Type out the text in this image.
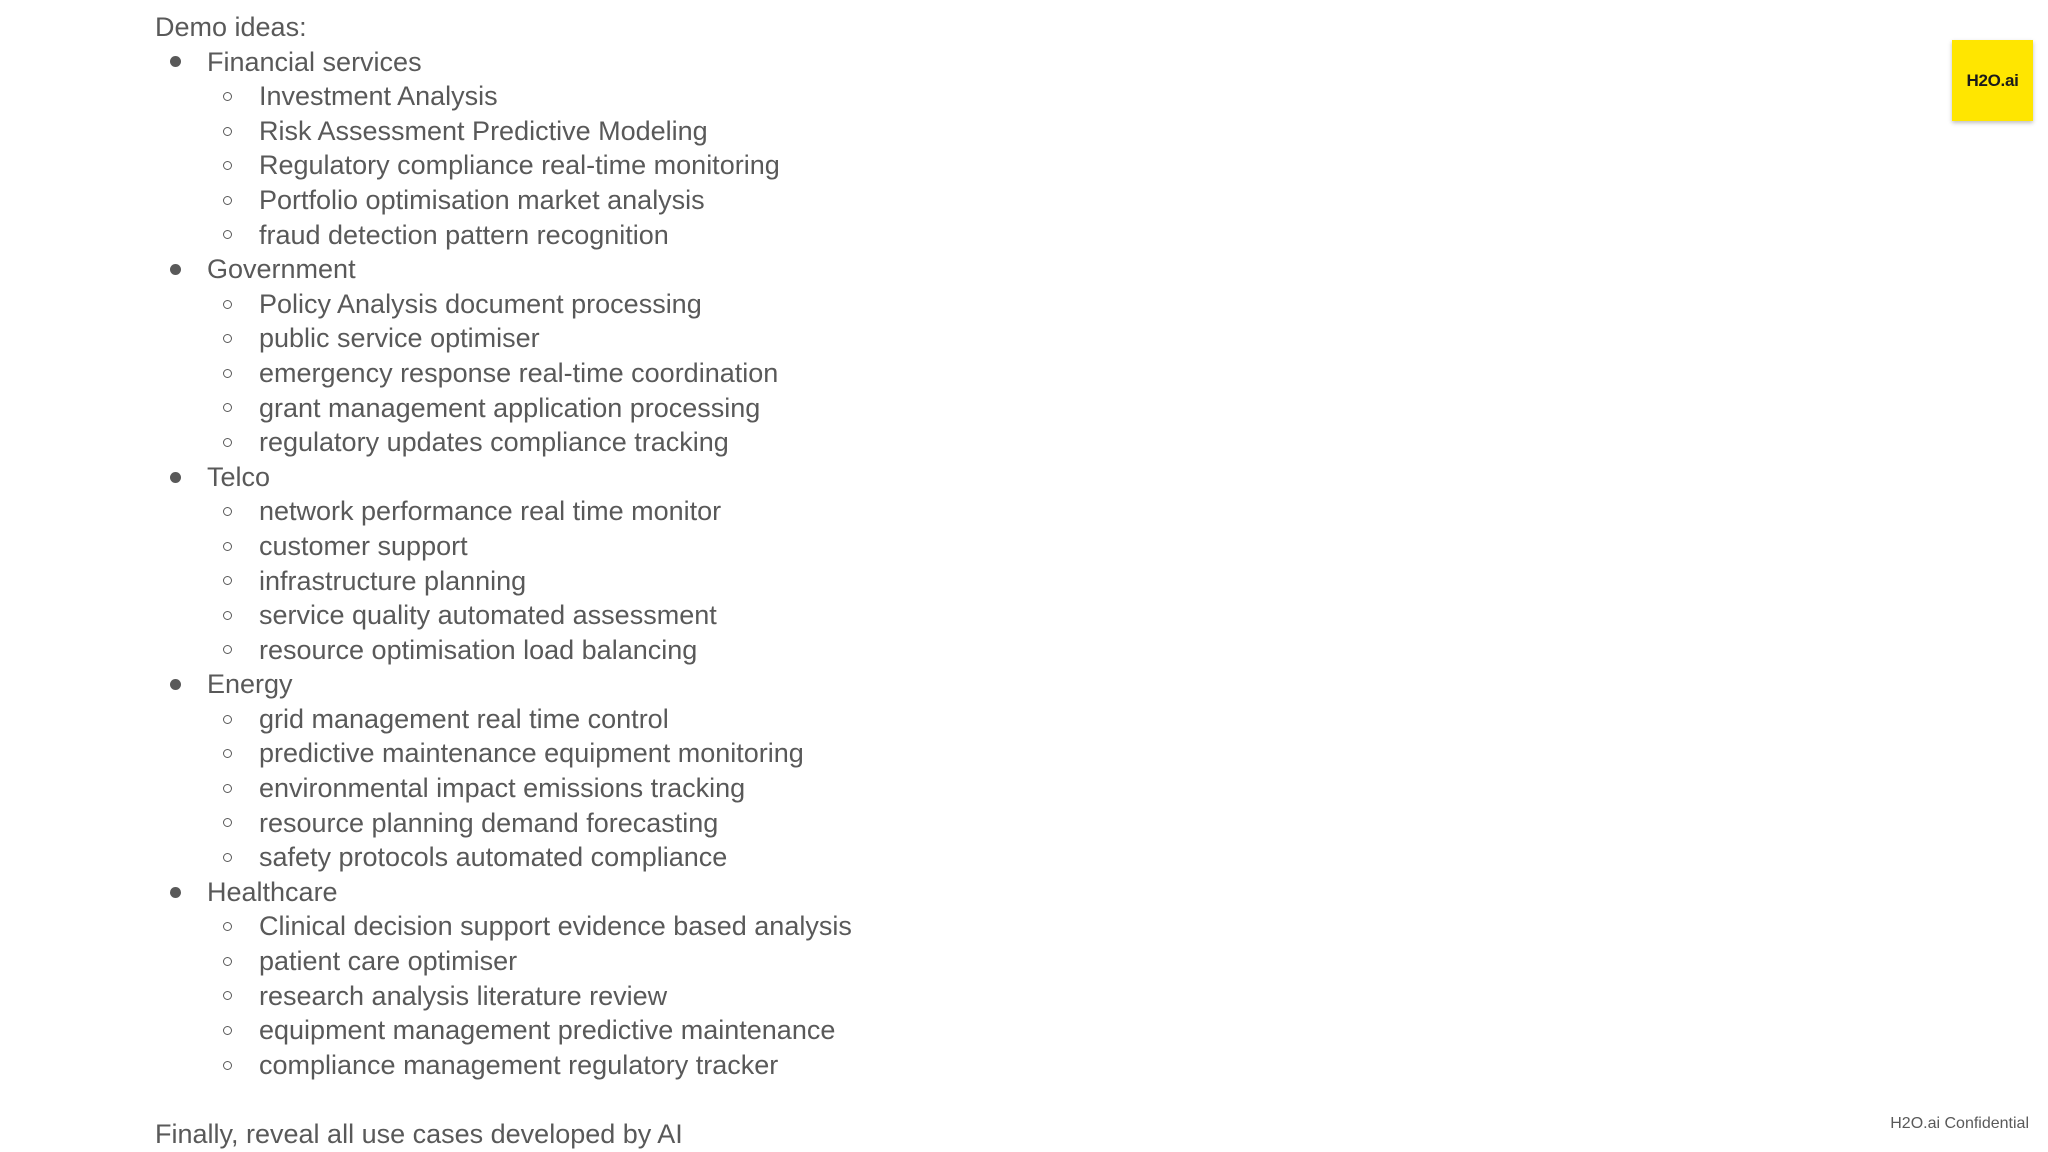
Demo ideas:
Financial services
Investment Analysis
Risk Assessment Predictive Modeling
Regulatory compliance real-time monitoring
Portfolio optimisation market analysis
fraud detection pattern recognition
Government
Policy Analysis document processing
public service optimiser
emergency response real-time coordination
grant management application processing
regulatory updates compliance tracking
Telco
network performance real time monitor
customer support
infrastructure planning
service quality automated assessment
resource optimisation load balancing
Energy
grid management real time control
predictive maintenance equipment monitoring
environmental impact emissions tracking
resource planning demand forecasting
safety protocols automated compliance
Healthcare
Clinical decision support evidence based analysis
patient care optimiser
research analysis literature review
equipment management predictive maintenance
compliance management regulatory tracker
Finally, reveal all use cases developed by AI
H2O.ai
H2O.ai Confidential
